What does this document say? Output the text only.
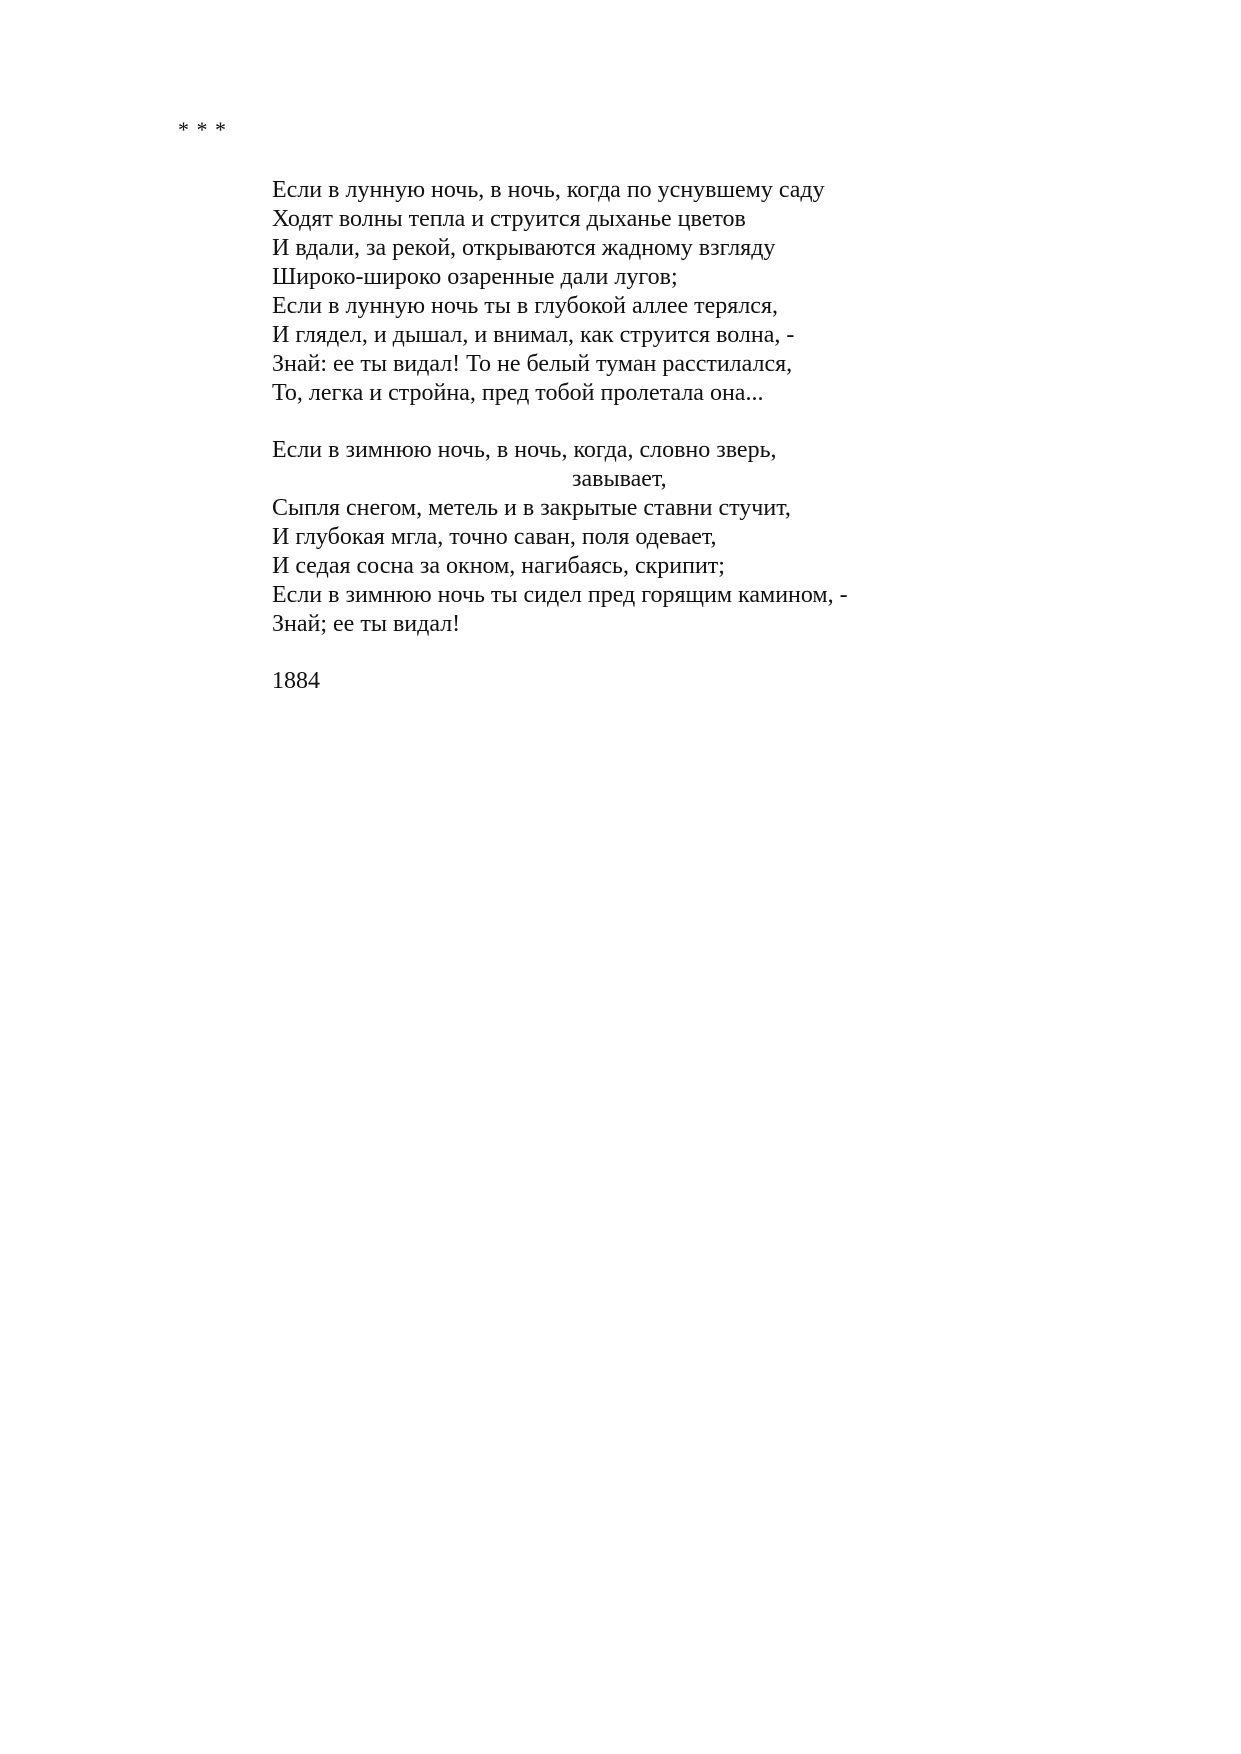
* * *
Если в лунную ночь, в ночь, когда по уснувшему саду
Ходят волны тепла и струится дыханье цветов
И вдали, за рекой, открываются жадному взгляду
Широко-широко озаренные дали лугов;
Если в лунную ночь ты в глубокой аллее терялся,
И глядел, и дышал, и внимал, как струится волна, -
Знай: ее ты видал! То не белый туман расстилался,
То, легка и стройна, пред тобой пролетала она...
Если в зимнюю ночь, в ночь, когда, словно зверь,
завывает,
Сыпля снегом, метель и в закрытые ставни стучит,
И глубокая мгла, точно саван, поля одевает,
И седая сосна за окном, нагибаясь, скрипит;
Если в зимнюю ночь ты сидел пред горящим камином, -
Знай; ее ты видал!
1884
